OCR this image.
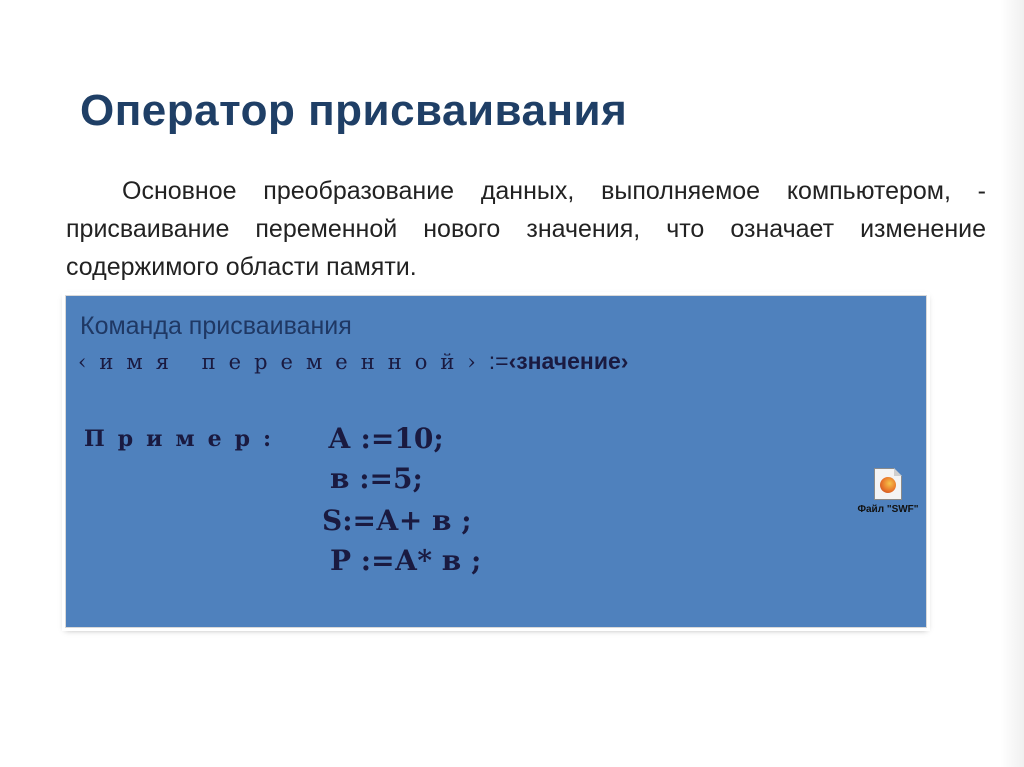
Оператор присваивания
Основное преобразование данных, выполняемое компьютером, - присваивание переменной нового значения, что означает изменение содержимого области памяти.
Команда присваивания
‹имя переменной›:=‹значение›
Пример: А :=10;
в :=5;
S:=А+ в ;
Р :=А* в ;
Файл "SWF"
